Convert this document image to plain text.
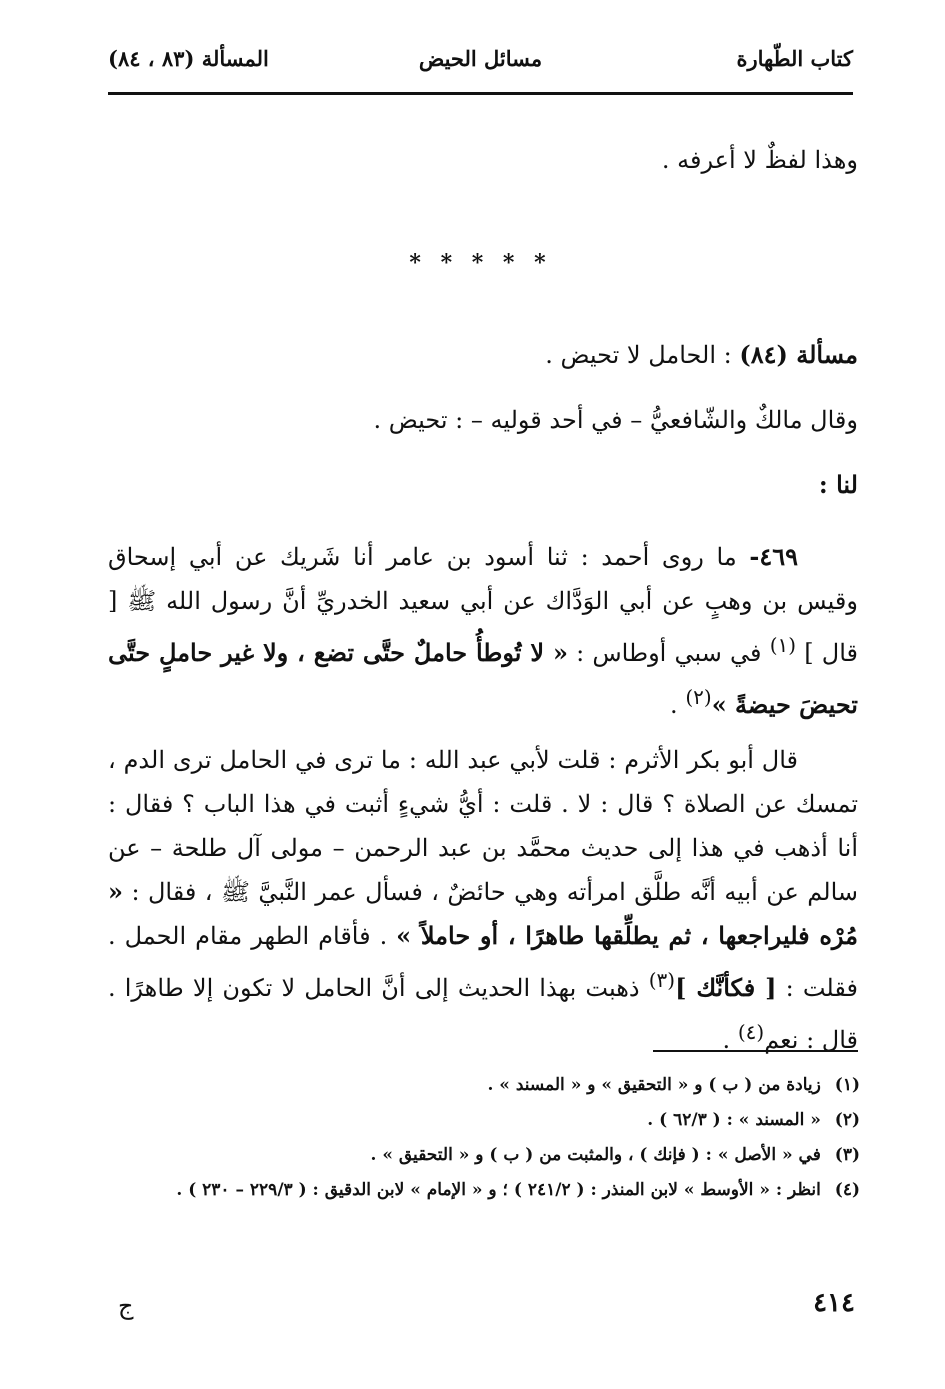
كتاب الطّهارة
مسائل الحيض
المسألة (٨٣ ، ٨٤)
وهذا لفظٌ لا أعرفه .
* * * * *
مسألة (٨٤) : الحامل لا تحيض .
وقال مالكٌ والشّافعيُّ – في أحد قوليه – : تحيض .
لنا :
٤٦٩- ما روى أحمد : ثنا أسود بن عامر أنا شَريك عن أبي إسحاق وقيس بن وهبٍ عن أبي الوَدَّاك عن أبي سعيد الخدريِّ أنَّ رسول الله ﷺ [ قال ] $^{(١)}$ في سبي أوطاس : « لا تُوطأُ حاملٌ حتَّى تضع ، ولا غير حاملٍ حتَّى تحيضَ حيضةً »$^{(٢)}$ .
قال أبو بكر الأثرم : قلت لأبي عبد الله : ما ترى في الحامل ترى الدم ، تمسك عن الصلاة ؟ قال : لا . قلت : أيُّ شيءٍ أثبت في هذا الباب ؟ فقال : أنا أذهب في هذا إلى حديث محمَّد بن عبد الرحمن – مولى آل طلحة – عن سالم عن أبيه أنَّه طلَّق امرأته وهي حائضٌ ، فسأل عمر النَّبيَّ ﷺ ، فقال : « مُرْه فليراجعها ، ثم يطلِّقها طاهرًا ، أو حاملاً » . فأقام الطهر مقام الحمل . فقلت : [ فكأنَّك ]$^{(٣)}$ ذهبت بهذا الحديث إلى أنَّ الحامل لا تكون إلا طاهرًا . قال : نعم$^{(٤)}$ .
(١) زيادة من ( ب ) و « التحقيق » و « المسند » .
(٢) « المسند » : ( ٦٢/٣ ) .
(٣) في « الأصل » : ( فإنك ) ، والمثبت من ( ب ) و « التحقيق » .
(٤) انظر : « الأوسط » لابن المنذر : ( ٢٤١/٢ ) ؛ و « الإمام » لابن الدقيق : ( ٢٢٩/٣ – ٢٣٠ ) .
٤١٤
ج
